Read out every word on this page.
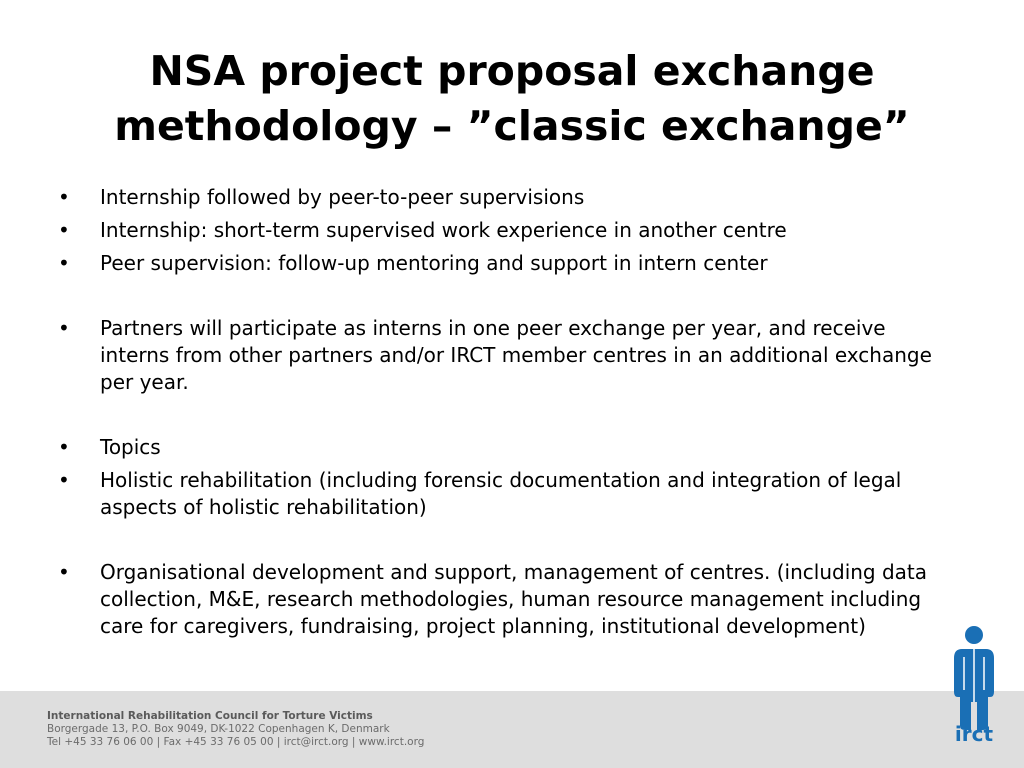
NSA project proposal exchange methodology – ”classic exchange”
•	Internship followed by peer-to-peer supervisions
•	Internship: short-term supervised work experience in another centre
•	Peer supervision: follow-up mentoring and support in intern center
•	Partners will participate as interns in one peer exchange per year, and receive interns from other partners and/or IRCT member centres in an additional exchange per year.
•	Topics
•	Holistic rehabilitation (including forensic documentation and integration of legal aspects of holistic rehabilitation)
•	Organisational development and support, management of centres. (including data collection, M&E, research methodologies, human resource management including care for caregivers, fundraising, project planning, institutional development)
International Rehabilitation Council for Torture Victims
Borgergade 13, P.O. Box 9049, DK-1022 Copenhagen K, Denmark
Tel +45 33 76 06 00 | Fax +45 33 76 05 00 | irct@irct.org | www.irct.org	irct
